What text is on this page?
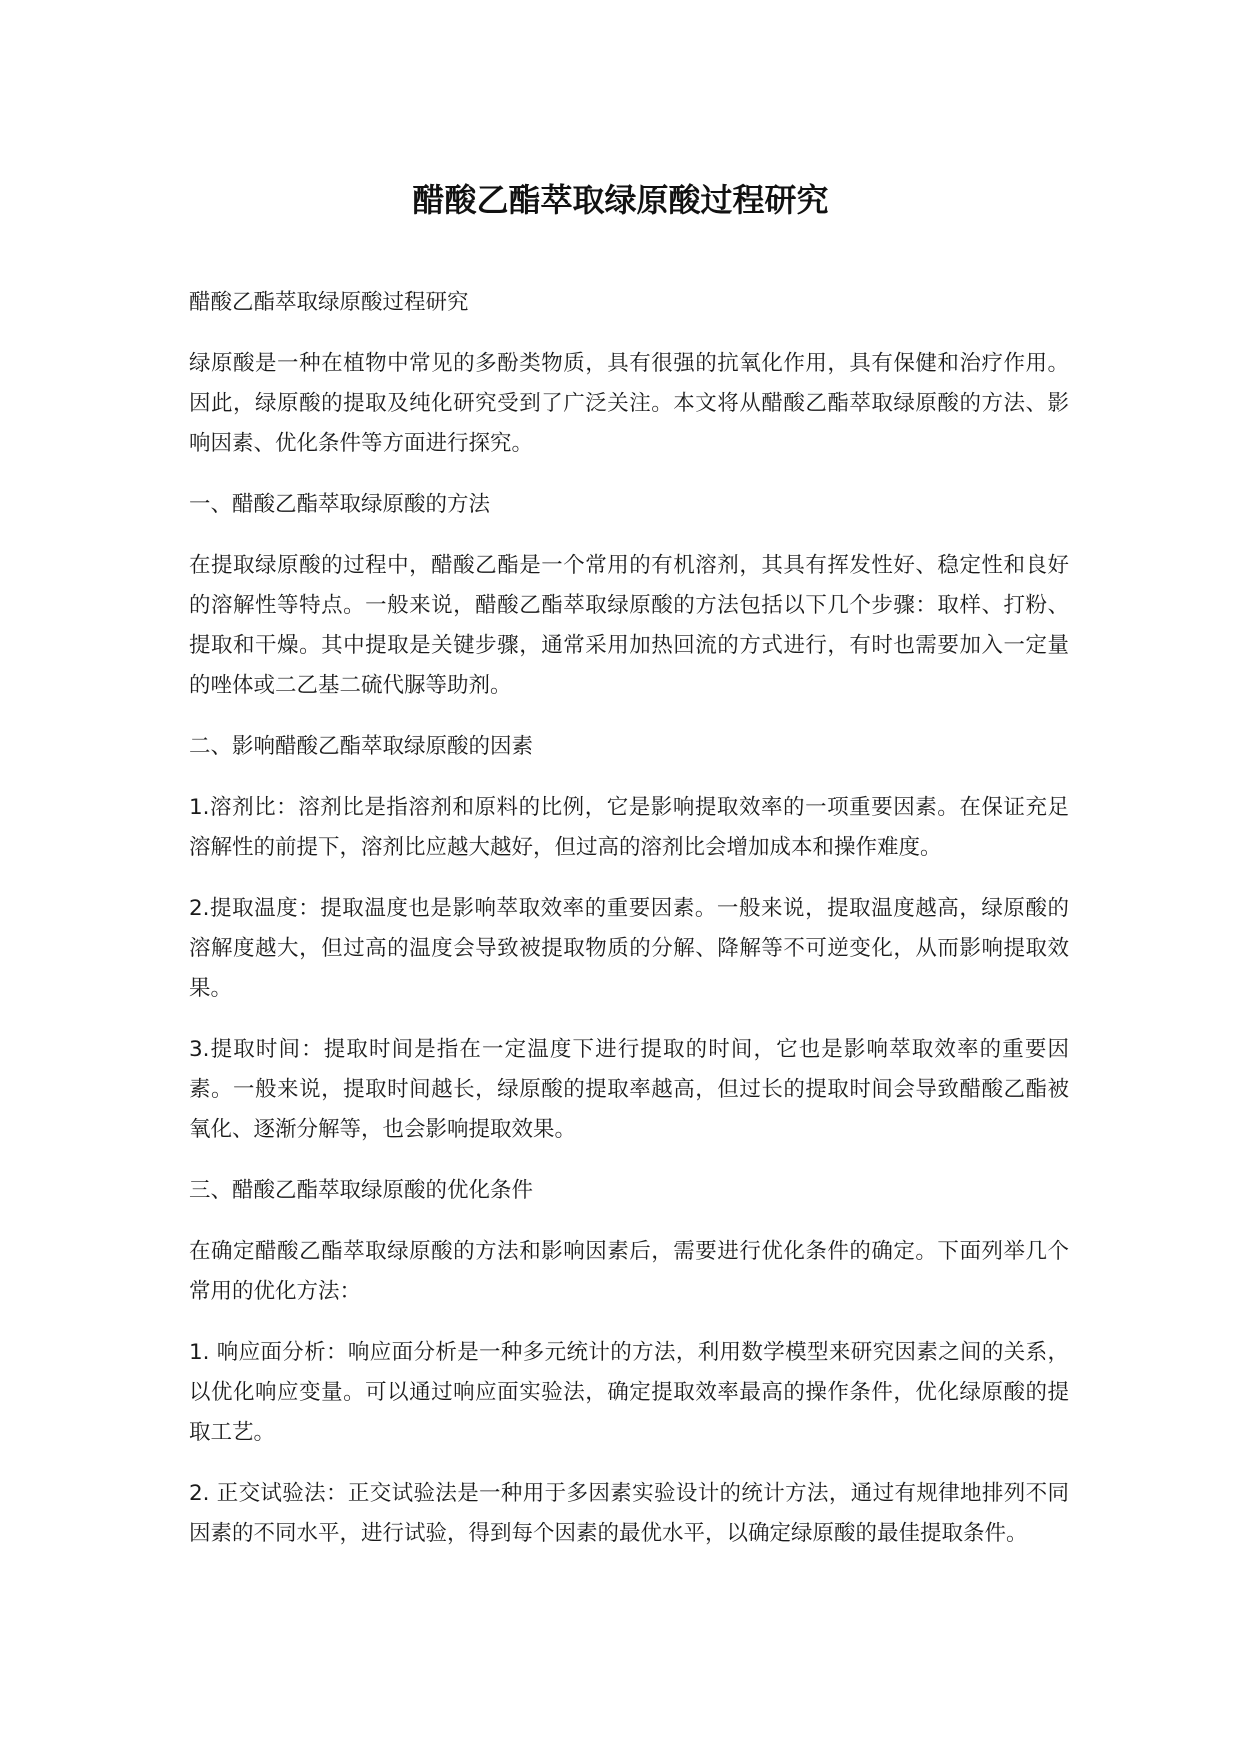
醋酸乙酯萃取绿原酸过程研究

醋酸乙酯萃取绿原酸过程研究

绿原酸是一种在植物中常见的多酚类物质，具有很强的抗氧化作用，具有保健和治疗作用。因此，绿原酸的提取及纯化研究受到了广泛关注。本文将从醋酸乙酯萃取绿原酸的方法、影响因素、优化条件等方面进行探究。

一、醋酸乙酯萃取绿原酸的方法

在提取绿原酸的过程中，醋酸乙酯是一个常用的有机溶剂，其具有挥发性好、稳定性和良好的溶解性等特点。一般来说，醋酸乙酯萃取绿原酸的方法包括以下几个步骤：取样、打粉、提取和干燥。其中提取是关键步骤，通常采用加热回流的方式进行，有时也需要加入一定量的唑体或二乙基二硫代脲等助剂。

二、影响醋酸乙酯萃取绿原酸的因素

1.溶剂比：溶剂比是指溶剂和原料的比例，它是影响提取效率的一项重要因素。在保证充足溶解性的前提下，溶剂比应越大越好，但过高的溶剂比会增加成本和操作难度。

2.提取温度：提取温度也是影响萃取效率的重要因素。一般来说，提取温度越高，绿原酸的溶解度越大，但过高的温度会导致被提取物质的分解、降解等不可逆变化，从而影响提取效果。

3.提取时间：提取时间是指在一定温度下进行提取的时间，它也是影响萃取效率的重要因素。一般来说，提取时间越长，绿原酸的提取率越高，但过长的提取时间会导致醋酸乙酯被氧化、逐渐分解等，也会影响提取效果。

三、醋酸乙酯萃取绿原酸的优化条件

在确定醋酸乙酯萃取绿原酸的方法和影响因素后，需要进行优化条件的确定。下面列举几个常用的优化方法：

1. 响应面分析：响应面分析是一种多元统计的方法，利用数学模型来研究因素之间的关系，以优化响应变量。可以通过响应面实验法，确定提取效率最高的操作条件，优化绿原酸的提取工艺。

2. 正交试验法：正交试验法是一种用于多因素实验设计的统计方法，通过有规律地排列不同因素的不同水平，进行试验，得到每个因素的最优水平，以确定绿原酸的最佳提取条件。
